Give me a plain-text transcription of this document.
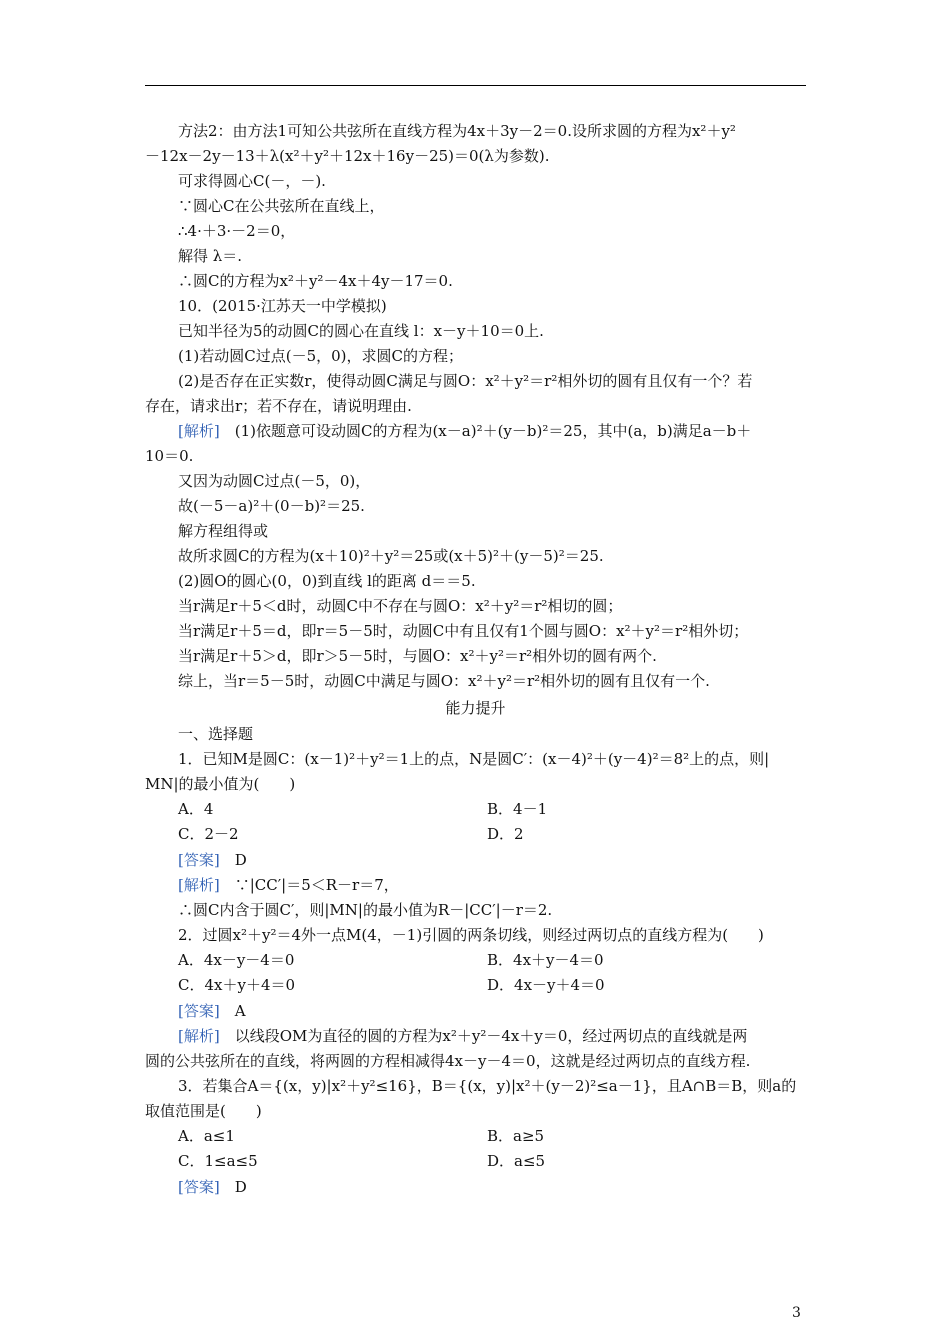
方法2：由方法1可知公共弦所在直线方程为4x＋3y－2＝0.设所求圆的方程为x²＋y²
－12x－2y－13＋λ(x²＋y²＋12x＋16y－25)＝0(λ为参数).
可求得圆心C(－，－).
∵圆心C在公共弦所在直线上，
∴4·＋3·－2＝0，
解得 λ＝.
∴圆C的方程为x²＋y²－4x＋4y－17＝0.
10．(2015·江苏天一中学模拟)
已知半径为5的动圆C的圆心在直线 l：x－y＋10＝0上.
(1)若动圆C过点(－5，0)，求圆C的方程；
(2)是否存在正实数r，使得动圆C满足与圆O：x²＋y²＝r²相外切的圆有且仅有一个？若
存在，请求出r；若不存在，请说明理由.
[解析]　 (1)依题意可设动圆C的方程为(x－a)²＋(y－b)²＝25，其中(a，b)满足a－b＋
10＝0.
又因为动圆C过点(－5，0)，
故(－5－a)²＋(0－b)²＝25.
解方程组得或
故所求圆C的方程为(x＋10)²＋y²＝25或(x＋5)²＋(y－5)²＝25.
(2)圆O的圆心(0，0)到直线 l的距离 d＝＝5.
当r满足r＋5＜d时，动圆C中不存在与圆O：x²＋y²＝r²相切的圆；
当r满足r＋5＝d，即r＝5－5时，动圆C中有且仅有1个圆与圆O：x²＋y²＝r²相外切；
当r满足r＋5＞d，即r＞5－5时，与圆O：x²＋y²＝r²相外切的圆有两个.
综上，当r＝5－5时，动圆C中满足与圆O：x²＋y²＝r²相外切的圆有且仅有一个.
能力提升
一、选择题
1．已知M是圆C：(x－1)²＋y²＝1上的点，N是圆C′：(x－4)²＋(y－4)²＝8²上的点，则|
MN|的最小值为(　　)
A．4	B．4－1
C．2－2	D．2
[答案]　 D
[解析]　 ∵|CC′|＝5＜R－r＝7，
∴圆C内含于圆C′，则|MN|的最小值为R－|CC′|－r＝2.
2．过圆x²＋y²＝4外一点M(4，－1)引圆的两条切线，则经过两切点的直线方程为(　　)
A．4x－y－4＝0	B．4x＋y－4＝0
C．4x＋y＋4＝0	D．4x－y＋4＝0
[答案]　 A
[解析]　 以线段OM为直径的圆的方程为x²＋y²－4x＋y＝0，经过两切点的直线就是两
圆的公共弦所在的直线，将两圆的方程相减得4x－y－4＝0，这就是经过两切点的直线方程.
3．若集合A＝{(x，y)|x²＋y²≤16}，B＝{(x，y)|x²＋(y－2)²≤a－1}，且A∩B＝B，则a的
取值范围是(　　)
A．a≤1	B．a≥5
C．1≤a≤5	D．a≤5
[答案]　 D
3
